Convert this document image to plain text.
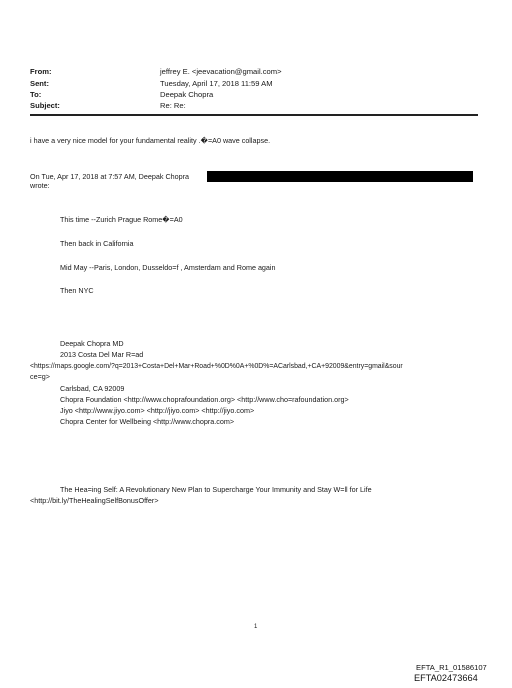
From:	jeffrey E. <jeevacation@gmail.com>
Sent:	Tuesday, April 17, 2018 11:59 AM
To:	Deepak Chopra
Subject:	Re: Re:
i have a very nice model for your fundamental reality .�=A0 wave collapse.
On Tue, Apr 17, 2018 at 7:57 AM, Deepak Chopra
wrote:
This time --Zurich Prague Rome�=A0
Then back in California
Mid May --Paris, London, Dusseldo=f , Amsterdam and Rome again
Then NYC
Deepak Chopra MD
2013 Costa Del Mar R=ad
<https://maps.google.com/?q=2013+Costa+Del+Mar+Road+%0D%0A+%0D%=ACarlsbad,+CA+92009&entry=gmail&sour
ce=g>
Carlsbad, CA 92009
Chopra Foundation <http://www.choprafoundation.org> <http://www.cho=rafoundation.org>
Jiyo <http://www.jiyo.com> <http://jiyo.com> <http://jiyo.com>
Chopra Center for Wellbeing <http://www.chopra.com>
The Hea=ing Self: A Revolutionary New Plan to Supercharge Your Immunity and Stay W=ll for Life
<http://bit.ly/TheHealingSelfBonusOffer>
1
EFTA_R1_01586107
EFTA02473664
